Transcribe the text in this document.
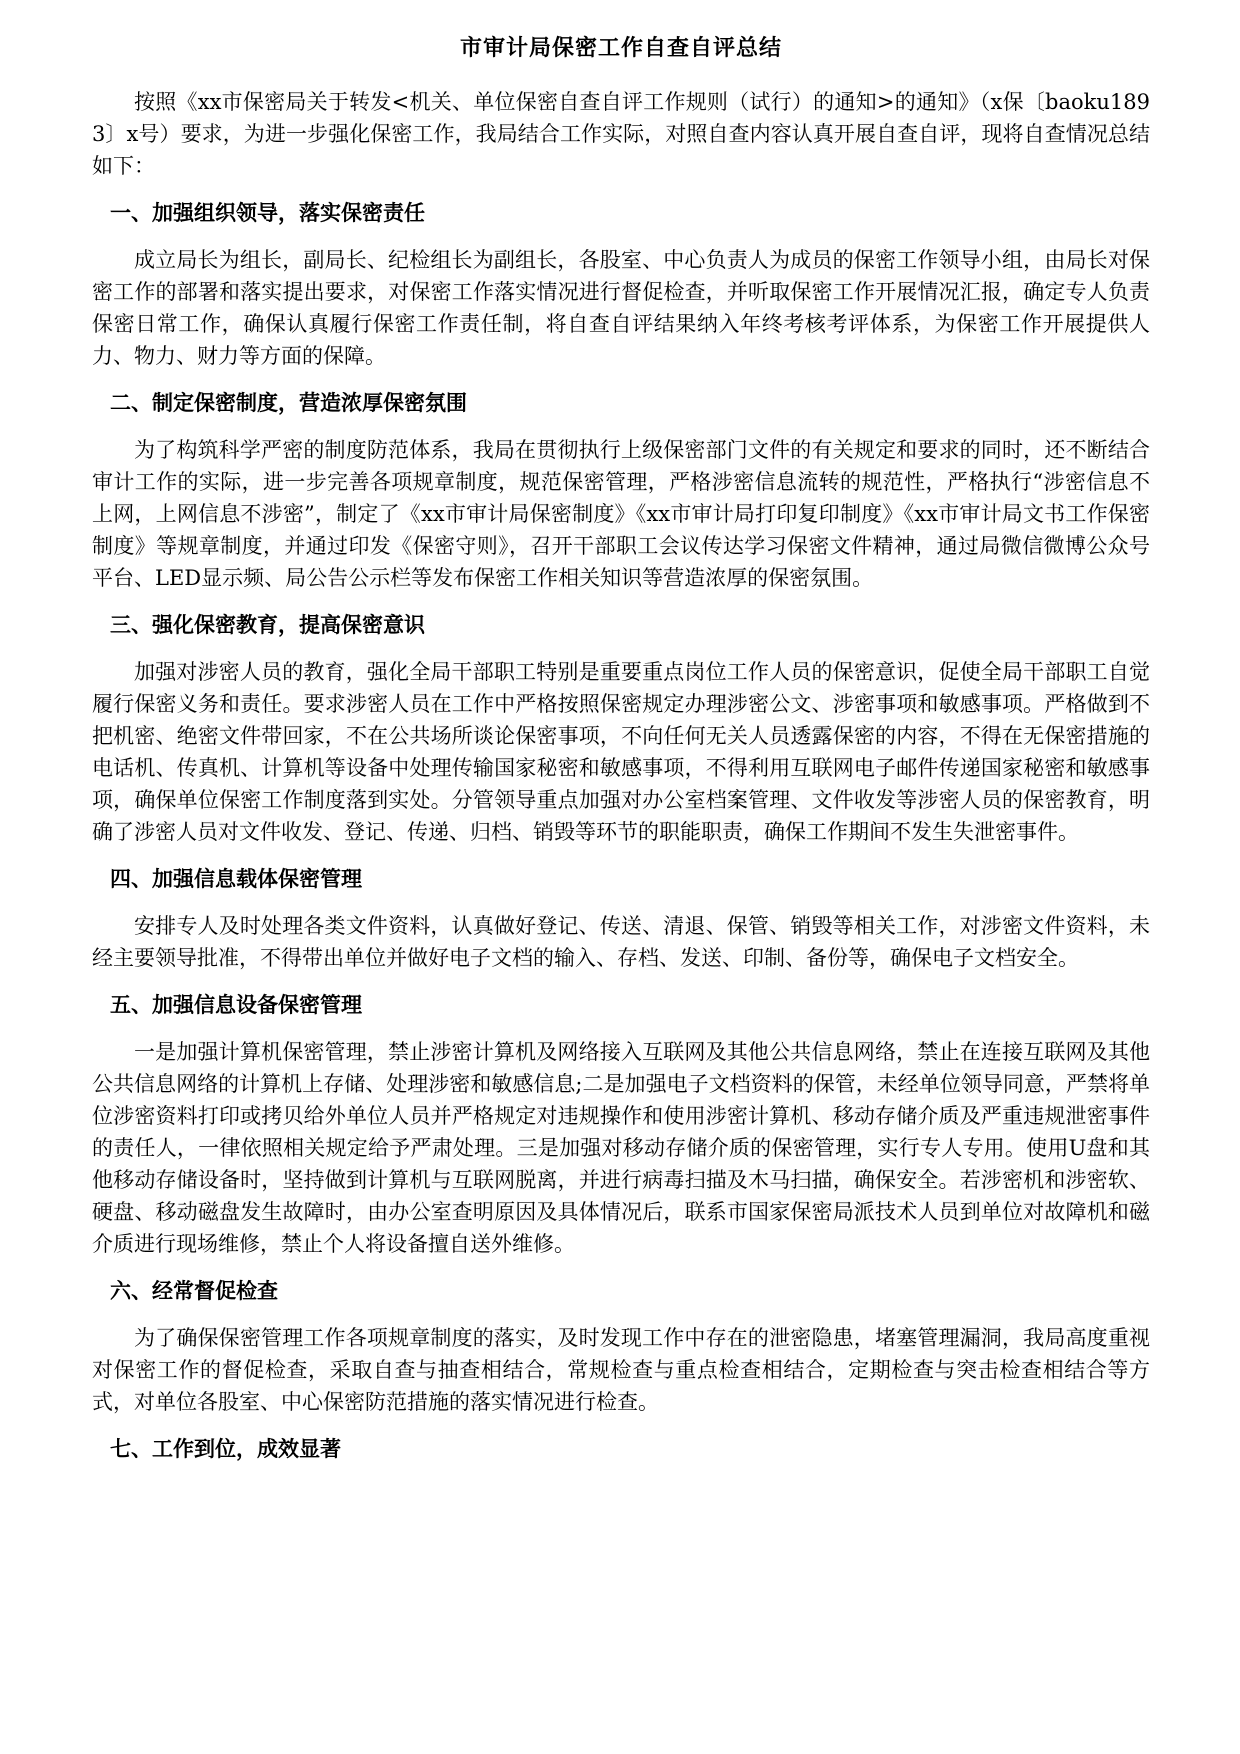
市审计局保密工作自查自评总结

按照《xx市保密局关于转发<机关、单位保密自查自评工作规则（试行）的通知>的通知》（x保〔baoku1893〕x号）要求，为进一步强化保密工作，我局结合工作实际，对照自查内容认真开展自查自评，现将自查情况总结如下：

一、加强组织领导，落实保密责任

成立局长为组长，副局长、纪检组长为副组长，各股室、中心负责人为成员的保密工作领导小组，由局长对保密工作的部署和落实提出要求，对保密工作落实情况进行督促检查，并听取保密工作开展情况汇报，确定专人负责保密日常工作，确保认真履行保密工作责任制，将自查自评结果纳入年终考核考评体系，为保密工作开展提供人力、物力、财力等方面的保障。

二、制定保密制度，营造浓厚保密氛围

为了构筑科学严密的制度防范体系，我局在贯彻执行上级保密部门文件的有关规定和要求的同时，还不断结合审计工作的实际，进一步完善各项规章制度，规范保密管理，严格涉密信息流转的规范性，严格执行“涉密信息不上网，上网信息不涉密”，制定了《xx市审计局保密制度》《xx市审计局打印复印制度》《xx市审计局文书工作保密制度》等规章制度，并通过印发《保密守则》，召开干部职工会议传达学习保密文件精神，通过局微信微博公众号平台、LED显示频、局公告公示栏等发布保密工作相关知识等营造浓厚的保密氛围。

三、强化保密教育，提高保密意识

加强对涉密人员的教育，强化全局干部职工特别是重要重点岗位工作人员的保密意识，促使全局干部职工自觉履行保密义务和责任。要求涉密人员在工作中严格按照保密规定办理涉密公文、涉密事项和敏感事项。严格做到不把机密、绝密文件带回家，不在公共场所谈论保密事项，不向任何无关人员透露保密的内容，不得在无保密措施的电话机、传真机、计算机等设备中处理传输国家秘密和敏感事项，不得利用互联网电子邮件传递国家秘密和敏感事项，确保单位保密工作制度落到实处。分管领导重点加强对办公室档案管理、文件收发等涉密人员的保密教育，明确了涉密人员对文件收发、登记、传递、归档、销毁等环节的职能职责，确保工作期间不发生失泄密事件。

四、加强信息载体保密管理

安排专人及时处理各类文件资料，认真做好登记、传送、清退、保管、销毁等相关工作，对涉密文件资料，未经主要领导批准，不得带出单位并做好电子文档的输入、存档、发送、印制、备份等，确保电子文档安全。

五、加强信息设备保密管理

一是加强计算机保密管理，禁止涉密计算机及网络接入互联网及其他公共信息网络，禁止在连接互联网及其他公共信息网络的计算机上存储、处理涉密和敏感信息;二是加强电子文档资料的保管，未经单位领导同意，严禁将单位涉密资料打印或拷贝给外单位人员并严格规定对违规操作和使用涉密计算机、移动存储介质及严重违规泄密事件的责任人，一律依照相关规定给予严肃处理。三是加强对移动存储介质的保密管理，实行专人专用。使用U盘和其他移动存储设备时，坚持做到计算机与互联网脱离，并进行病毒扫描及木马扫描，确保安全。若涉密机和涉密软、硬盘、移动磁盘发生故障时，由办公室查明原因及具体情况后，联系市国家保密局派技术人员到单位对故障机和磁介质进行现场维修，禁止个人将设备擅自送外维修。

六、经常督促检查

为了确保保密管理工作各项规章制度的落实，及时发现工作中存在的泄密隐患，堵塞管理漏洞，我局高度重视对保密工作的督促检查，采取自查与抽查相结合，常规检查与重点检查相结合，定期检查与突击检查相结合等方式，对单位各股室、中心保密防范措施的落实情况进行检查。

七、工作到位，成效显著
